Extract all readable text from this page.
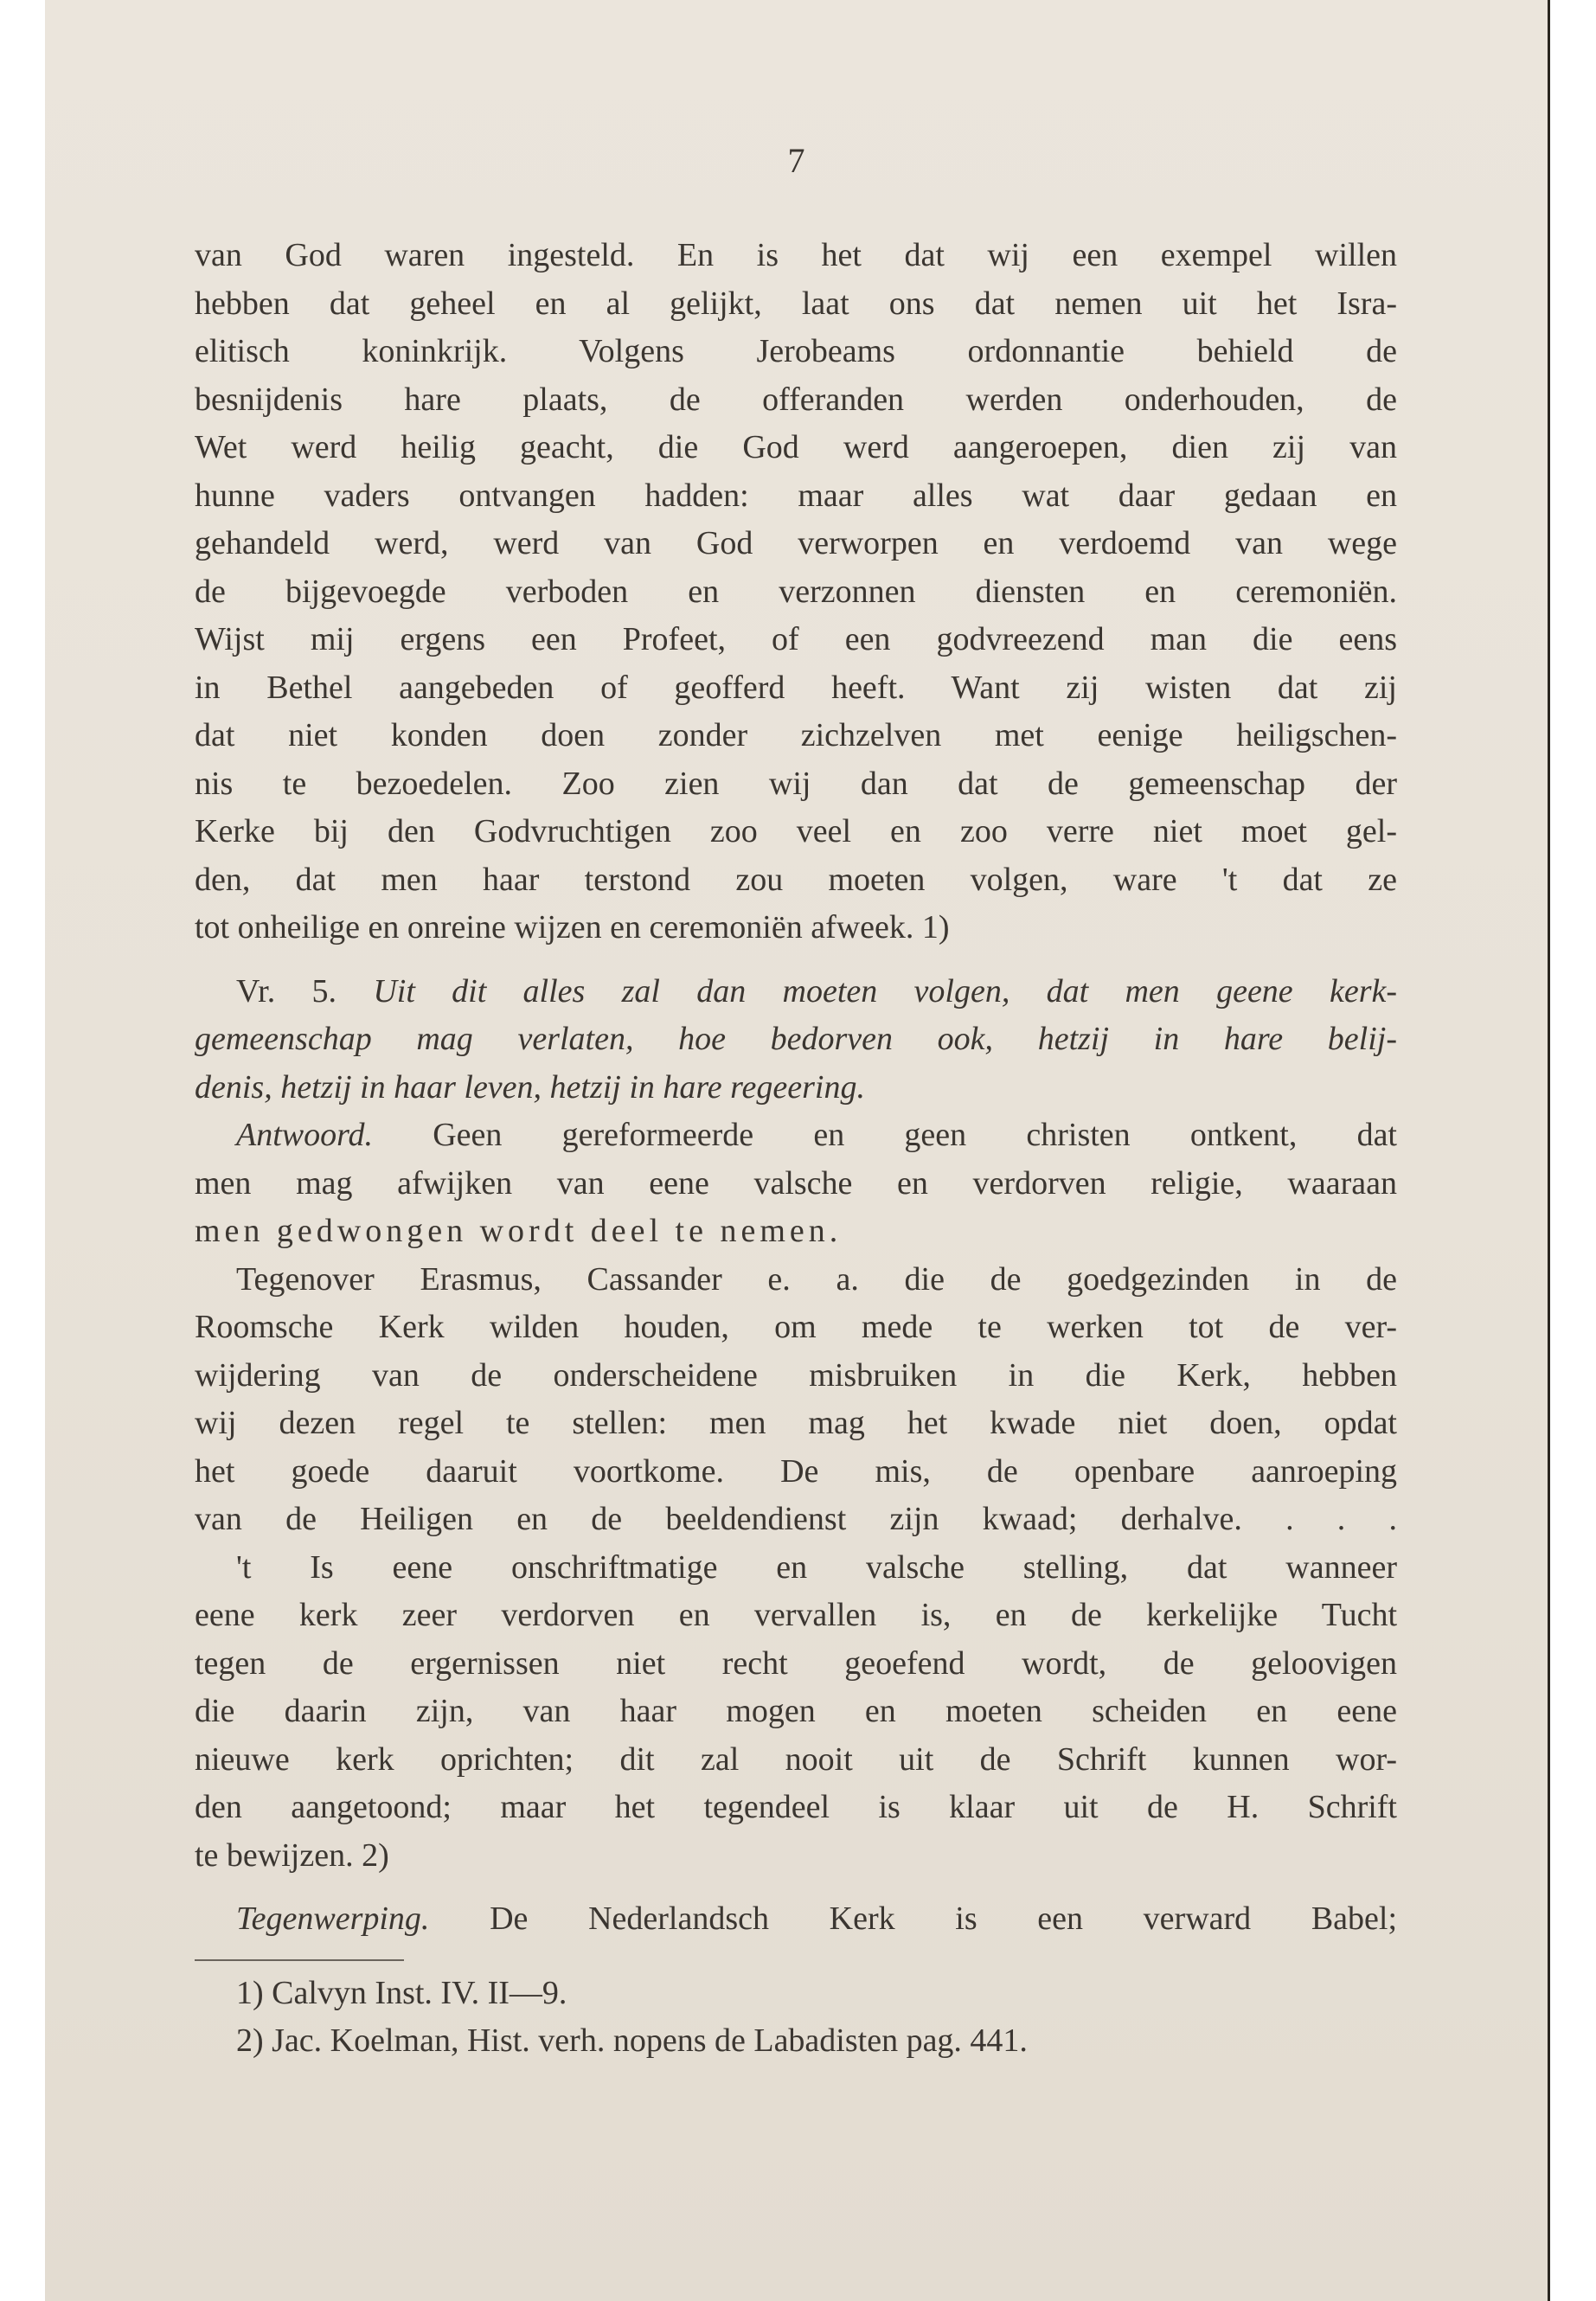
7
van God waren ingesteld. En is het dat wij een exempel willen
hebben dat geheel en al gelijkt, laat ons dat nemen uit het Isra-
elitisch koninkrijk. Volgens Jerobeams ordonnantie behield de
besnijdenis hare plaats, de offeranden werden onderhouden, de
Wet werd heilig geacht, die God werd aangeroepen, dien zij van
hunne vaders ontvangen hadden: maar alles wat daar gedaan en
gehandeld werd, werd van God verworpen en verdoemd van wege
de bijgevoegde verboden en verzonnen diensten en ceremoniën.
Wijst mij ergens een Profeet, of een godvreezend man die eens
in Bethel aangebeden of geofferd heeft. Want zij wisten dat zij
dat niet konden doen zonder zichzelven met eenige heiligschen-
nis te bezoedelen. Zoo zien wij dan dat de gemeenschap der
Kerke bij den Godvruchtigen zoo veel en zoo verre niet moet gel-
den, dat men haar terstond zou moeten volgen, ware 't dat ze
tot onheilige en onreine wijzen en ceremoniën afweek. 1)
Vr. 5. Uit dit alles zal dan moeten volgen, dat men geene kerk-
gemeenschap mag verlaten, hoe bedorven ook, hetzij in hare belij-
denis, hetzij in haar leven, hetzij in hare regeering.
Antwoord. Geen gereformeerde en geen christen ontkent, dat
men mag afwijken van eene valsche en verdorven religie, waaraan
men gedwongen wordt deel te nemen.
Tegenover Erasmus, Cassander e. a. die de goedgezinden in de
Roomsche Kerk wilden houden, om mede te werken tot de ver-
wijdering van de onderscheidene misbruiken in die Kerk, hebben
wij dezen regel te stellen: men mag het kwade niet doen, opdat
het goede daaruit voortkome. De mis, de openbare aanroeping
van de Heiligen en de beeldendienst zijn kwaad; derhalve. . . .
't Is eene onschriftmatige en valsche stelling, dat wanneer
eene kerk zeer verdorven en vervallen is, en de kerkelijke Tucht
tegen de ergernissen niet recht geoefend wordt, de geloovigen
die daarin zijn, van haar mogen en moeten scheiden en eene
nieuwe kerk oprichten; dit zal nooit uit de Schrift kunnen wor-
den aangetoond; maar het tegendeel is klaar uit de H. Schrift
te bewijzen. 2)
Tegenwerping. De Nederlandsch Kerk is een verward Babel;
1) Calvyn Inst. IV. II—9.
2) Jac. Koelman, Hist. verh. nopens de Labadisten pag. 441.
